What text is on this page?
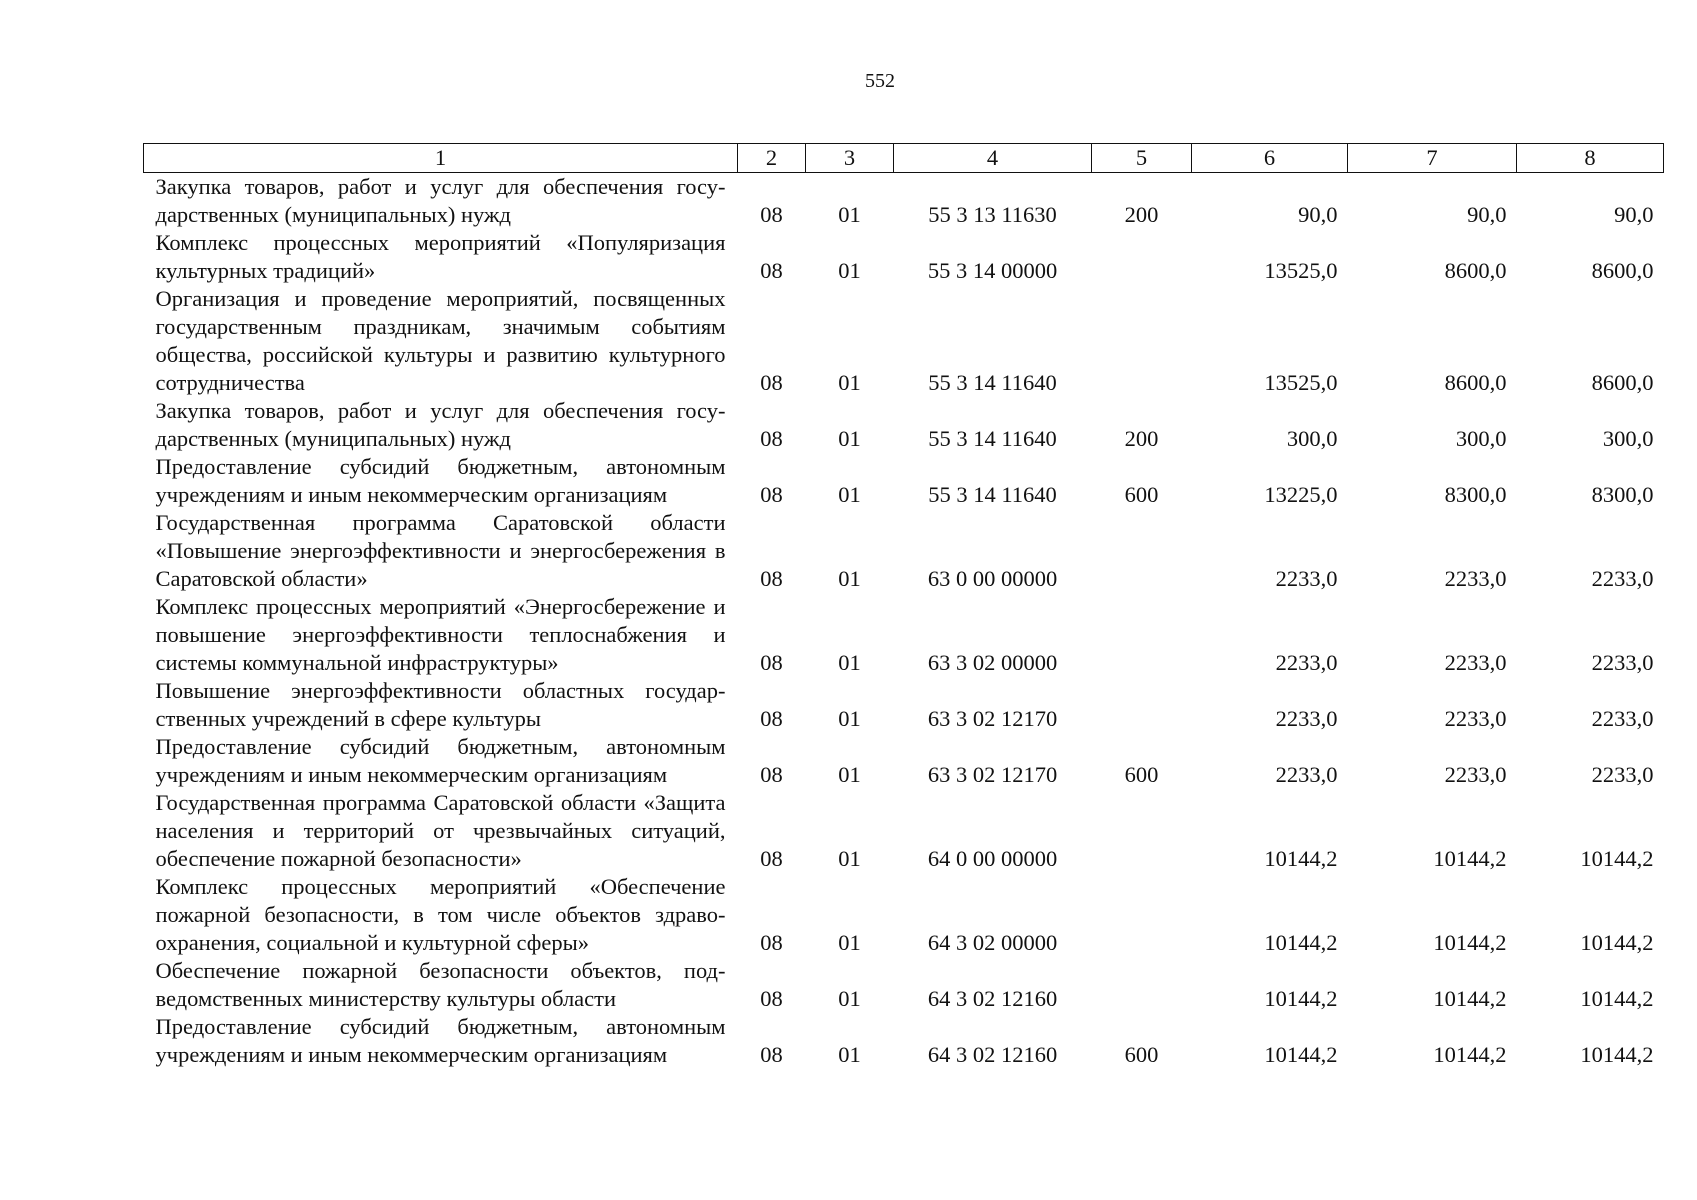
552
1	2	3	4	5	6	7	8
Закупка товаров, работ и услуг для обеспечения государственных (муниципальных) нужд	08	01	55 3 13 11630	200	90,0	90,0	90,0
Комплекс процессных мероприятий «Популяризация культурных традиций»	08	01	55 3 14 00000		13525,0	8600,0	8600,0
Организация и проведение мероприятий, посвященных государственным праздникам, значимым событиям общества, российской культуры и развитию культурного сотрудничества	08	01	55 3 14 11640		13525,0	8600,0	8600,0
Закупка товаров, работ и услуг для обеспечения государственных (муниципальных) нужд	08	01	55 3 14 11640	200	300,0	300,0	300,0
Предоставление субсидий бюджетным, автономным учреждениям и иным некоммерческим организациям	08	01	55 3 14 11640	600	13225,0	8300,0	8300,0
Государственная программа Саратовской области «Повышение энергоэффективности и энергосбережения в Саратовской области»	08	01	63 0 00 00000		2233,0	2233,0	2233,0
Комплекс процессных мероприятий «Энергосбережение и повышение энергоэффективности теплоснабжения и системы коммунальной инфраструктуры»	08	01	63 3 02 00000		2233,0	2233,0	2233,0
Повышение энергоэффективности областных государственных учреждений в сфере культуры	08	01	63 3 02 12170		2233,0	2233,0	2233,0
Предоставление субсидий бюджетным, автономным учреждениям и иным некоммерческим организациям	08	01	63 3 02 12170	600	2233,0	2233,0	2233,0
Государственная программа Саратовской области «Защита населения и территорий от чрезвычайных ситуаций, обеспечение пожарной безопасности»	08	01	64 0 00 00000		10144,2	10144,2	10144,2
Комплекс процессных мероприятий «Обеспечение пожарной безопасности, в том числе объектов здравоохранения, социальной и культурной сферы»	08	01	64 3 02 00000		10144,2	10144,2	10144,2
Обеспечение пожарной безопасности объектов, подведомственных министерству культуры области	08	01	64 3 02 12160		10144,2	10144,2	10144,2
Предоставление субсидий бюджетным, автономным учреждениям и иным некоммерческим организациям	08	01	64 3 02 12160	600	10144,2	10144,2	10144,2
